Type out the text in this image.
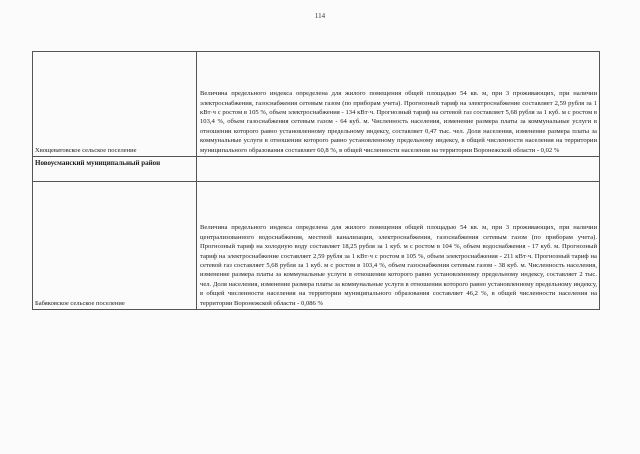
114
Хвощеватовское сельское поселение	Величина предельного индекса определена для жилого помещения общей площадью 54 кв. м, при 3 проживающих, при наличии электроснабжения, газоснабжения сетевым газом (по приборам учета). Прогнозный тариф на электроснабжение составляет 2,59 рубля за 1 кВт·ч с ростом в 105 %, объем электроснабжения - 134 кВт·ч. Прогнозный тариф на сетевой газ составляет 5,68 рубля за 1 куб. м с ростом в 103,4 %, объем газоснабжения сетевым газом - 64 куб. м. Численность населения, изменение размера платы за коммунальные услуги в отношении которого равно установленному предельному индексу, составляет 0,47 тыс. чел. Доля населения, изменение размера платы за коммунальные услуги в отношении которого равно установленному предельному индексу, в общей численности населения на территории муниципального образования составляет 60,8 %, в общей численности населения на территории Воронежской области - 0,02 %
Новоусманский муниципальный район	
Бабяковское сельское поселение	Величина предельного индекса определена для жилого помещения общей площадью 54 кв. м, при 3 проживающих, при наличии централизованного водоснабжения, местной канализации, электроснабжения, газоснабжения сетевым газом (по приборам учета). Прогнозный тариф на холодную воду составляет 18,25 рубля за 1 куб. м с ростом в 104 %, объем водоснабжения - 17 куб. м. Прогнозный тариф на электроснабжение составляет 2,59 рубля за 1 кВт·ч с ростом в 105 %, объем электроснабжения - 211 кВт·ч. Прогнозный тариф на сетевой газ составляет 5,68 рубля за 1 куб. м с ростом в 103,4 %, объем газоснабжения сетевым газом - 38 куб. м. Численность населения, изменение размера платы за коммунальные услуги в отношении которого равно установленному предельному индексу, составляет 2 тыс. чел. Доля населения, изменение размера платы за коммунальные услуги в отношении которого равно установленному предельному индексу, в общей численности населения на территории муниципального образования составляет 46,2 %, в общей численности населения на территории Воронежской области - 0,086 %
